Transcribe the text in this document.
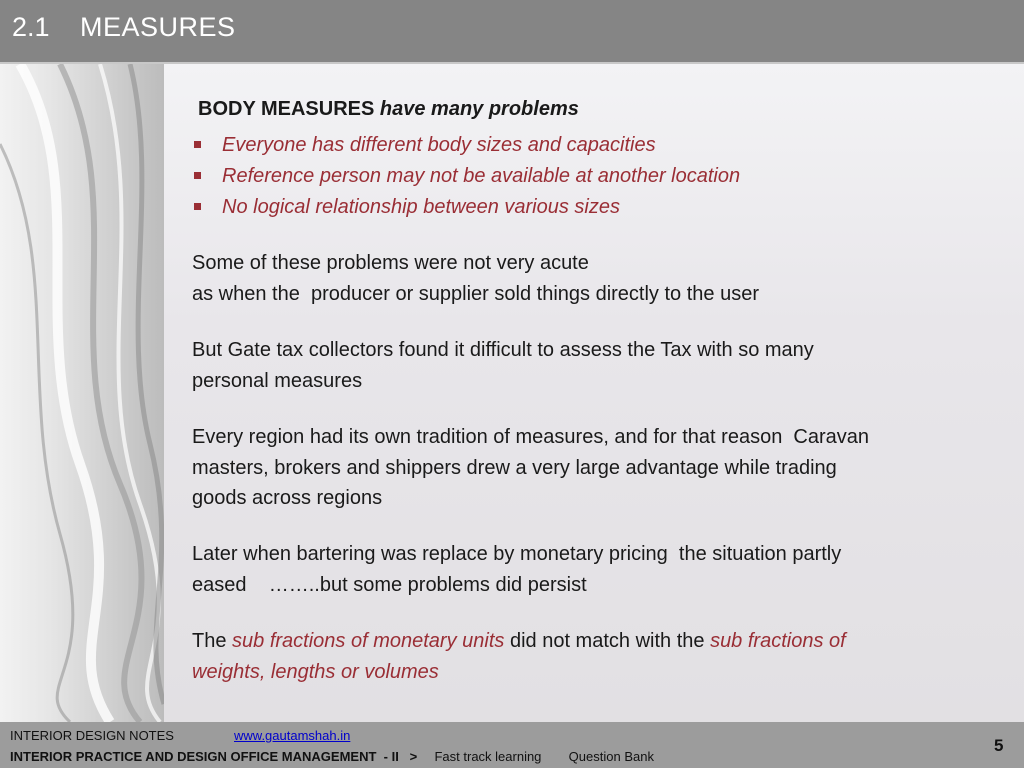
2.1 MEASURES
BODY MEASURES have many problems
Everyone has different body sizes and capacities
Reference person may not be available at another location
No logical relationship between various sizes
Some of these problems were not very acute
as when the  producer or supplier sold things directly to the user
But Gate tax collectors found it difficult to assess the Tax with so many
personal measures
Every region had its own tradition of measures, and for that reason  Caravan
masters, brokers and shippers drew a very large advantage while trading
goods across regions
Later when bartering was replace by monetary pricing  the situation partly
eased    ……..but some problems did persist
The sub fractions of monetary units did not match with the sub fractions of
weights, lengths or volumes
INTERIOR DESIGN NOTES	www.gautamshah.in
INTERIOR PRACTICE AND DESIGN OFFICE MANAGEMENT  - II   > Fast track learning Question Bank
5
